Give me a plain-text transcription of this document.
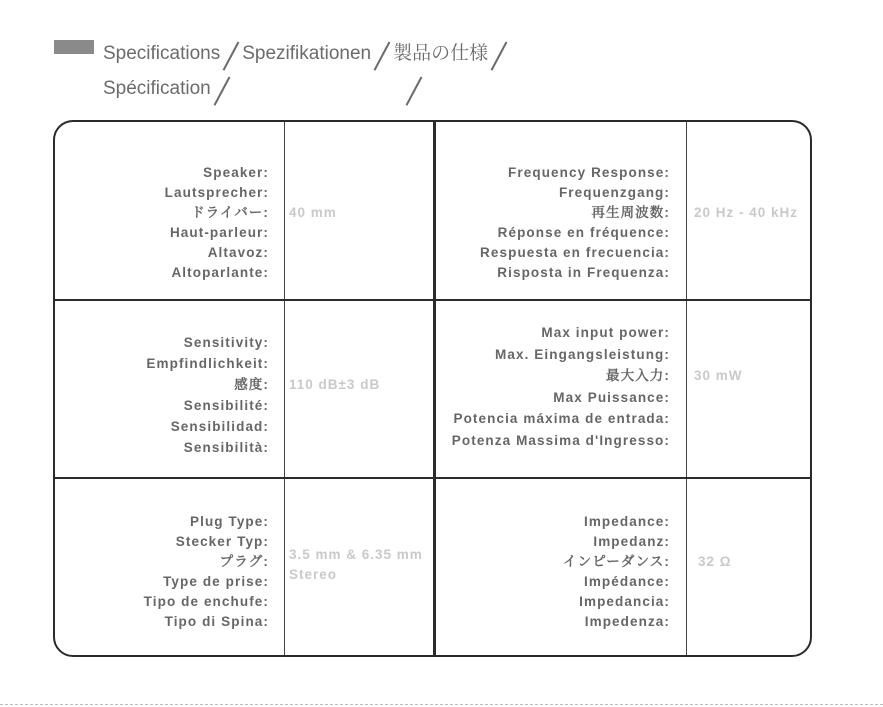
Specifications Spezifikationen 製品の仕様
Spécification
Speaker:
Lautsprecher:
ドライバー:
Haut-parleur:
Altavoz:
Altoparlante:
40 mm
Frequency Response:
Frequenzgang:
再生周波数:
Réponse en fréquence:
Respuesta en frecuencia:
Risposta in Frequenza:
20 Hz - 40 kHz
Sensitivity:
Empfindlichkeit:
感度:
Sensibilité:
Sensibilidad:
Sensibilità:
110 dB±3 dB
Max input power:
Max. Eingangsleistung:
最大入力:
Max Puissance:
Potencia máxima de entrada:
Potenza Massima d'Ingresso:
30 mW
Plug Type:
Stecker Typ:
プラグ:
Type de prise:
Tipo de enchufe:
Tipo di Spina:
3.5 mm & 6.35 mm
Stereo
Impedance:
Impedanz:
インピーダンス:
Impédance:
Impedancia:
Impedenza:
32 Ω
